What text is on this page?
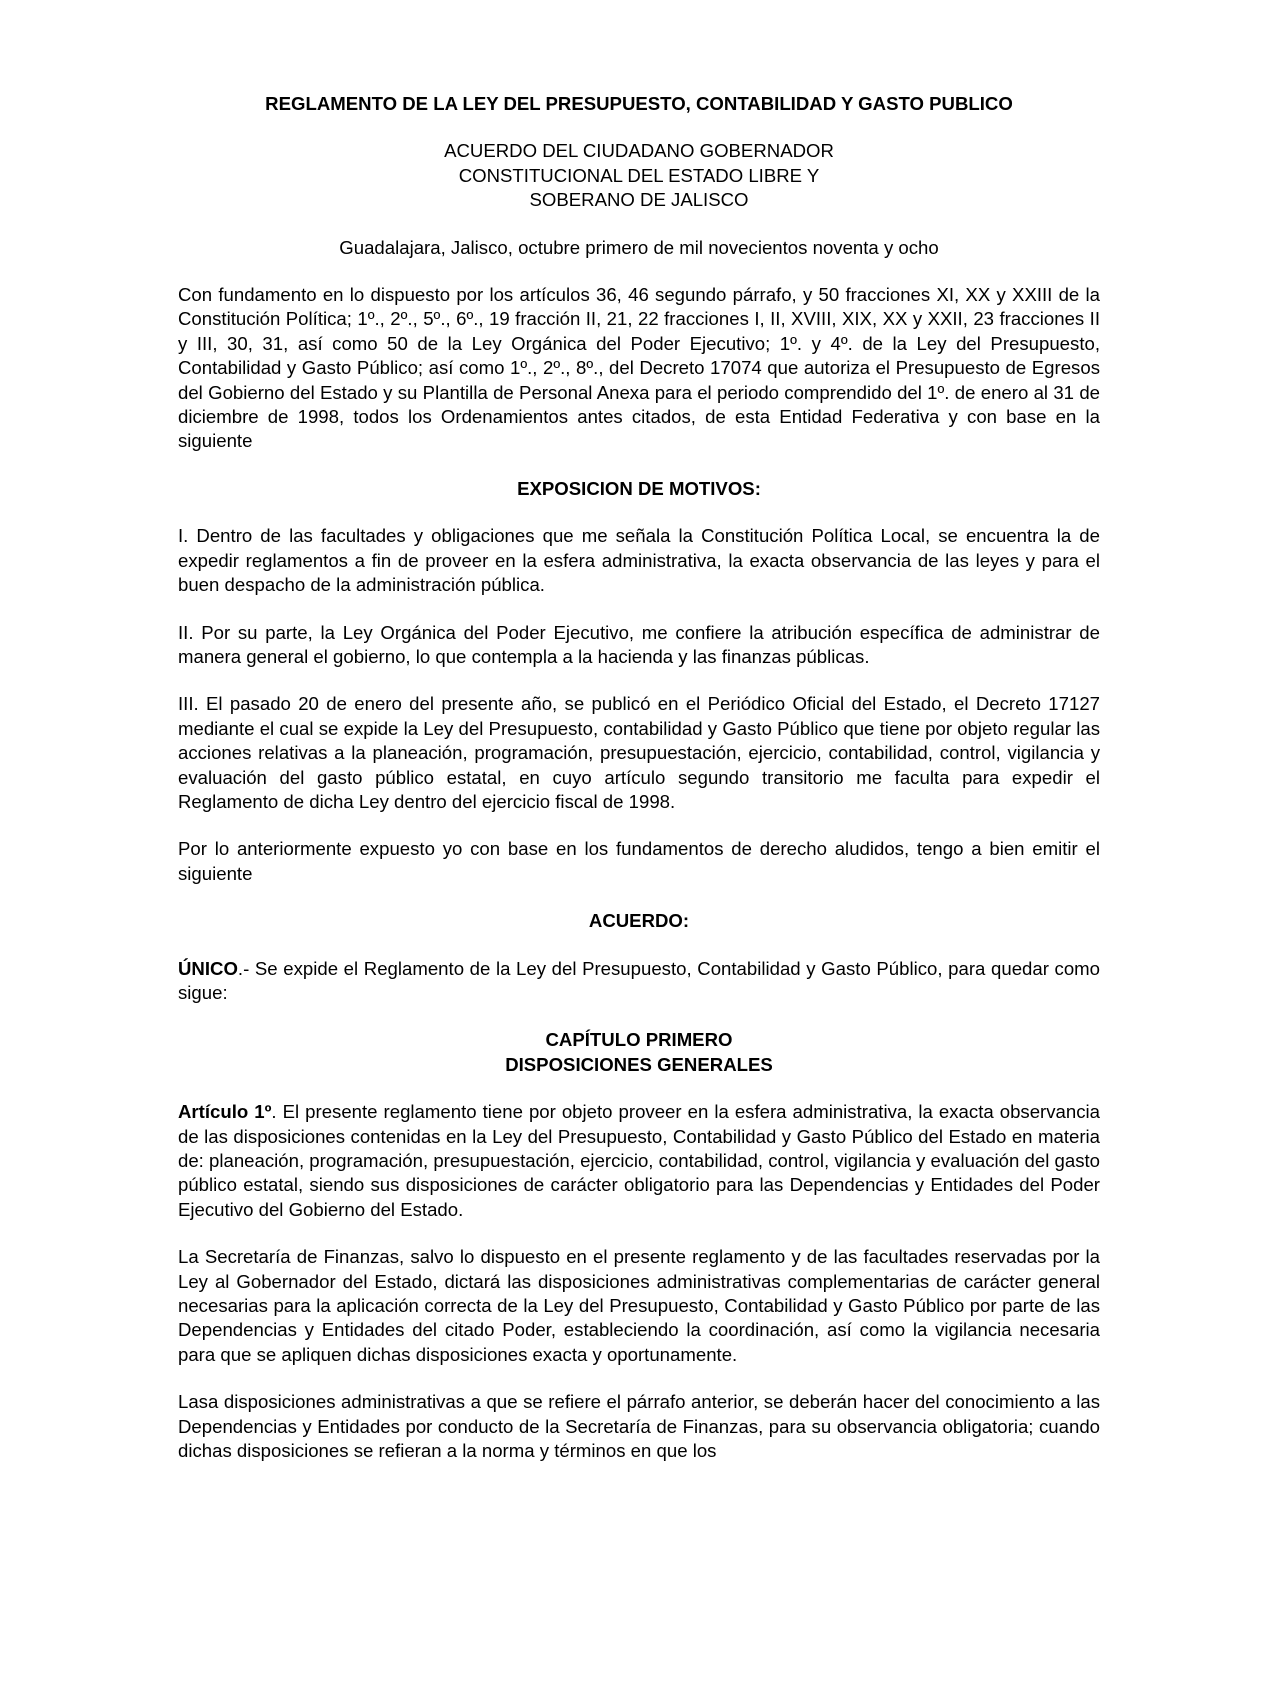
REGLAMENTO DE LA LEY DEL PRESUPUESTO, CONTABILIDAD Y GASTO PUBLICO

ACUERDO DEL CIUDADANO GOBERNADOR
CONSTITUCIONAL DEL ESTADO LIBRE Y
SOBERANO DE JALISCO

Guadalajara, Jalisco, octubre primero de mil novecientos noventa y ocho

Con fundamento en lo dispuesto por los artículos 36, 46 segundo párrafo, y 50 fracciones XI, XX y XXIII de la Constitución Política; 1º., 2º., 5º., 6º., 19 fracción II, 21, 22 fracciones I, II, XVIII, XIX, XX y XXII, 23 fracciones II y III, 30, 31, así como 50 de la Ley Orgánica del Poder Ejecutivo; 1º. y 4º. de la Ley del Presupuesto, Contabilidad y Gasto Público; así como 1º., 2º., 8º., del Decreto 17074 que autoriza el Presupuesto de Egresos del Gobierno del Estado y su Plantilla de Personal Anexa para el periodo comprendido del 1º. de enero al 31 de diciembre de 1998, todos los Ordenamientos antes citados, de esta Entidad Federativa y con base en la siguiente

EXPOSICION DE MOTIVOS:

I. Dentro de las facultades y obligaciones que me señala la Constitución Política Local, se encuentra la de expedir reglamentos a fin de proveer en la esfera administrativa, la exacta observancia de las leyes y para el buen despacho de la administración pública.

II. Por su parte, la Ley Orgánica del Poder Ejecutivo, me confiere la atribución específica de administrar de manera general el gobierno, lo que contempla a la hacienda y las finanzas públicas.

III. El pasado 20 de enero del presente año, se publicó en el Periódico Oficial del Estado, el Decreto 17127 mediante el cual se expide la Ley del Presupuesto, contabilidad y Gasto Público que tiene por objeto regular las acciones relativas a la planeación, programación, presupuestación, ejercicio, contabilidad, control, vigilancia y evaluación del gasto público estatal, en cuyo artículo segundo transitorio me faculta para expedir el Reglamento de dicha Ley dentro del ejercicio fiscal de 1998.

Por lo anteriormente expuesto yo con base en los fundamentos de derecho aludidos, tengo a bien emitir el siguiente

ACUERDO:

ÚNICO.- Se expide el Reglamento de la Ley del Presupuesto, Contabilidad y Gasto Público, para quedar como sigue:

CAPÍTULO PRIMERO
DISPOSICIONES GENERALES

Artículo 1º. El presente reglamento tiene por objeto proveer en la esfera administrativa, la exacta observancia de las disposiciones contenidas en la Ley del Presupuesto, Contabilidad y Gasto Público del Estado en materia de: planeación, programación, presupuestación, ejercicio, contabilidad, control, vigilancia y evaluación del gasto público estatal, siendo sus disposiciones de carácter obligatorio para las Dependencias y Entidades del Poder Ejecutivo del Gobierno del Estado.

La Secretaría de Finanzas, salvo lo dispuesto en el presente reglamento y de las facultades reservadas por la Ley al Gobernador del Estado, dictará las disposiciones administrativas complementarias de carácter general necesarias para la aplicación correcta de la Ley del Presupuesto, Contabilidad y Gasto Público por parte de las Dependencias y Entidades del citado Poder, estableciendo la coordinación, así como la vigilancia necesaria para que se apliquen dichas disposiciones exacta y oportunamente.

Lasa disposiciones administrativas a que se refiere el párrafo anterior, se deberán hacer del conocimiento a las Dependencias y Entidades por conducto de la Secretaría de Finanzas, para su observancia obligatoria; cuando dichas disposiciones se refieran a la norma y términos en que los
